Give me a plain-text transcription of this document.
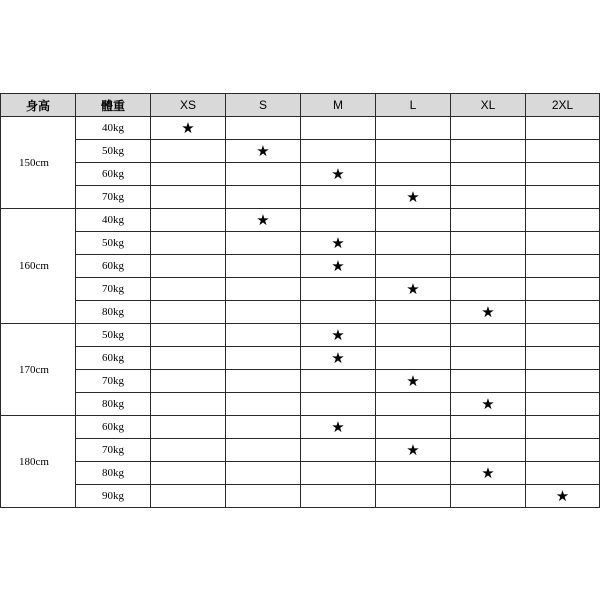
身高	體重	XS	S	M	L	XL	2XL
150cm	40kg	★					
	50kg		★				
	60kg			★			
	70kg				★		
160cm	40kg		★				
	50kg			★			
	60kg			★			
	70kg				★		
	80kg					★	
170cm	50kg			★			
	60kg			★			
	70kg				★		
	80kg					★	
180cm	60kg			★			
	70kg				★		
	80kg					★	
	90kg						★
